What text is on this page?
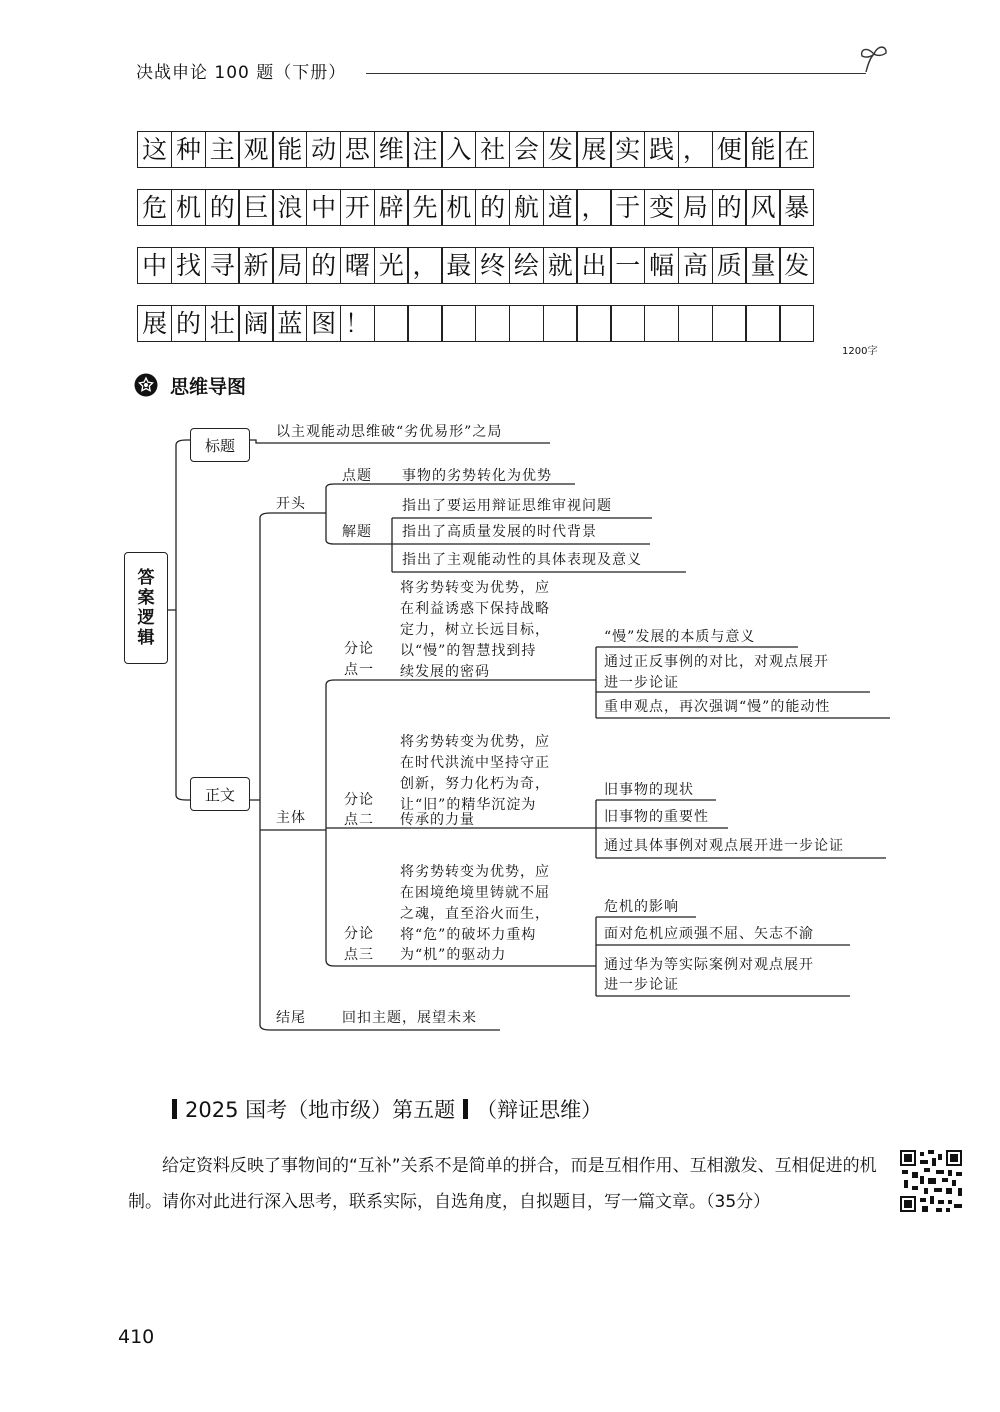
决战申论 100 题（下册）
这 种 主 观 能 动 思 维 注 入 社 会 发 展 实 践 ， 便 能 在
危 机 的 巨 浪 中 开 辟 先 机 的 航 道 ， 于 变 局 的 风 暴
中 找 寻 新 局 的 曙 光 ， 最 终 绘 就 出 一 幅 高 质 量 发
展 的 壮 阔 蓝 图 ！
1200字
思维导图
答
案
逻
辑
标题
正文
以主观能动思维破“劣优易形”之局
开头
点题 事物的劣势转化为优势
解题
指出了要运用辩证思维审视问题
指出了高质量发展的时代背景
指出了主观能动性的具体表现及意义
主体
分论
点一
将劣势转变为优势，应
在利益诱惑下保持战略
定力，树立长远目标，
以“慢”的智慧找到持
续发展的密码
“慢”发展的本质与意义
通过正反事例的对比，对观点展开
进一步论证
重申观点，再次强调“慢”的能动性
分论
点二
将劣势转变为优势，应
在时代洪流中坚持守正
创新，努力化朽为奇，
让“旧”的精华沉淀为
传承的力量
旧事物的现状
旧事物的重要性
通过具体事例对观点展开进一步论证
分论
点三
将劣势转变为优势，应
在困境绝境里铸就不屈
之魂，直至浴火而生，
将“危”的破坏力重构
为“机”的驱动力
危机的影响
面对危机应顽强不屈、矢志不渝
通过华为等实际案例对观点展开
进一步论证
结尾	回扣主题，展望未来
2025 国考（地市级）第五题 （辩证思维）
给定资料反映了事物间的“互补”关系不是简单的拼合，而是互相作用、互相激发、互相促进的机制。请你对此进行深入思考，联系实际，自选角度，自拟题目，写一篇文章。（35分）
410
